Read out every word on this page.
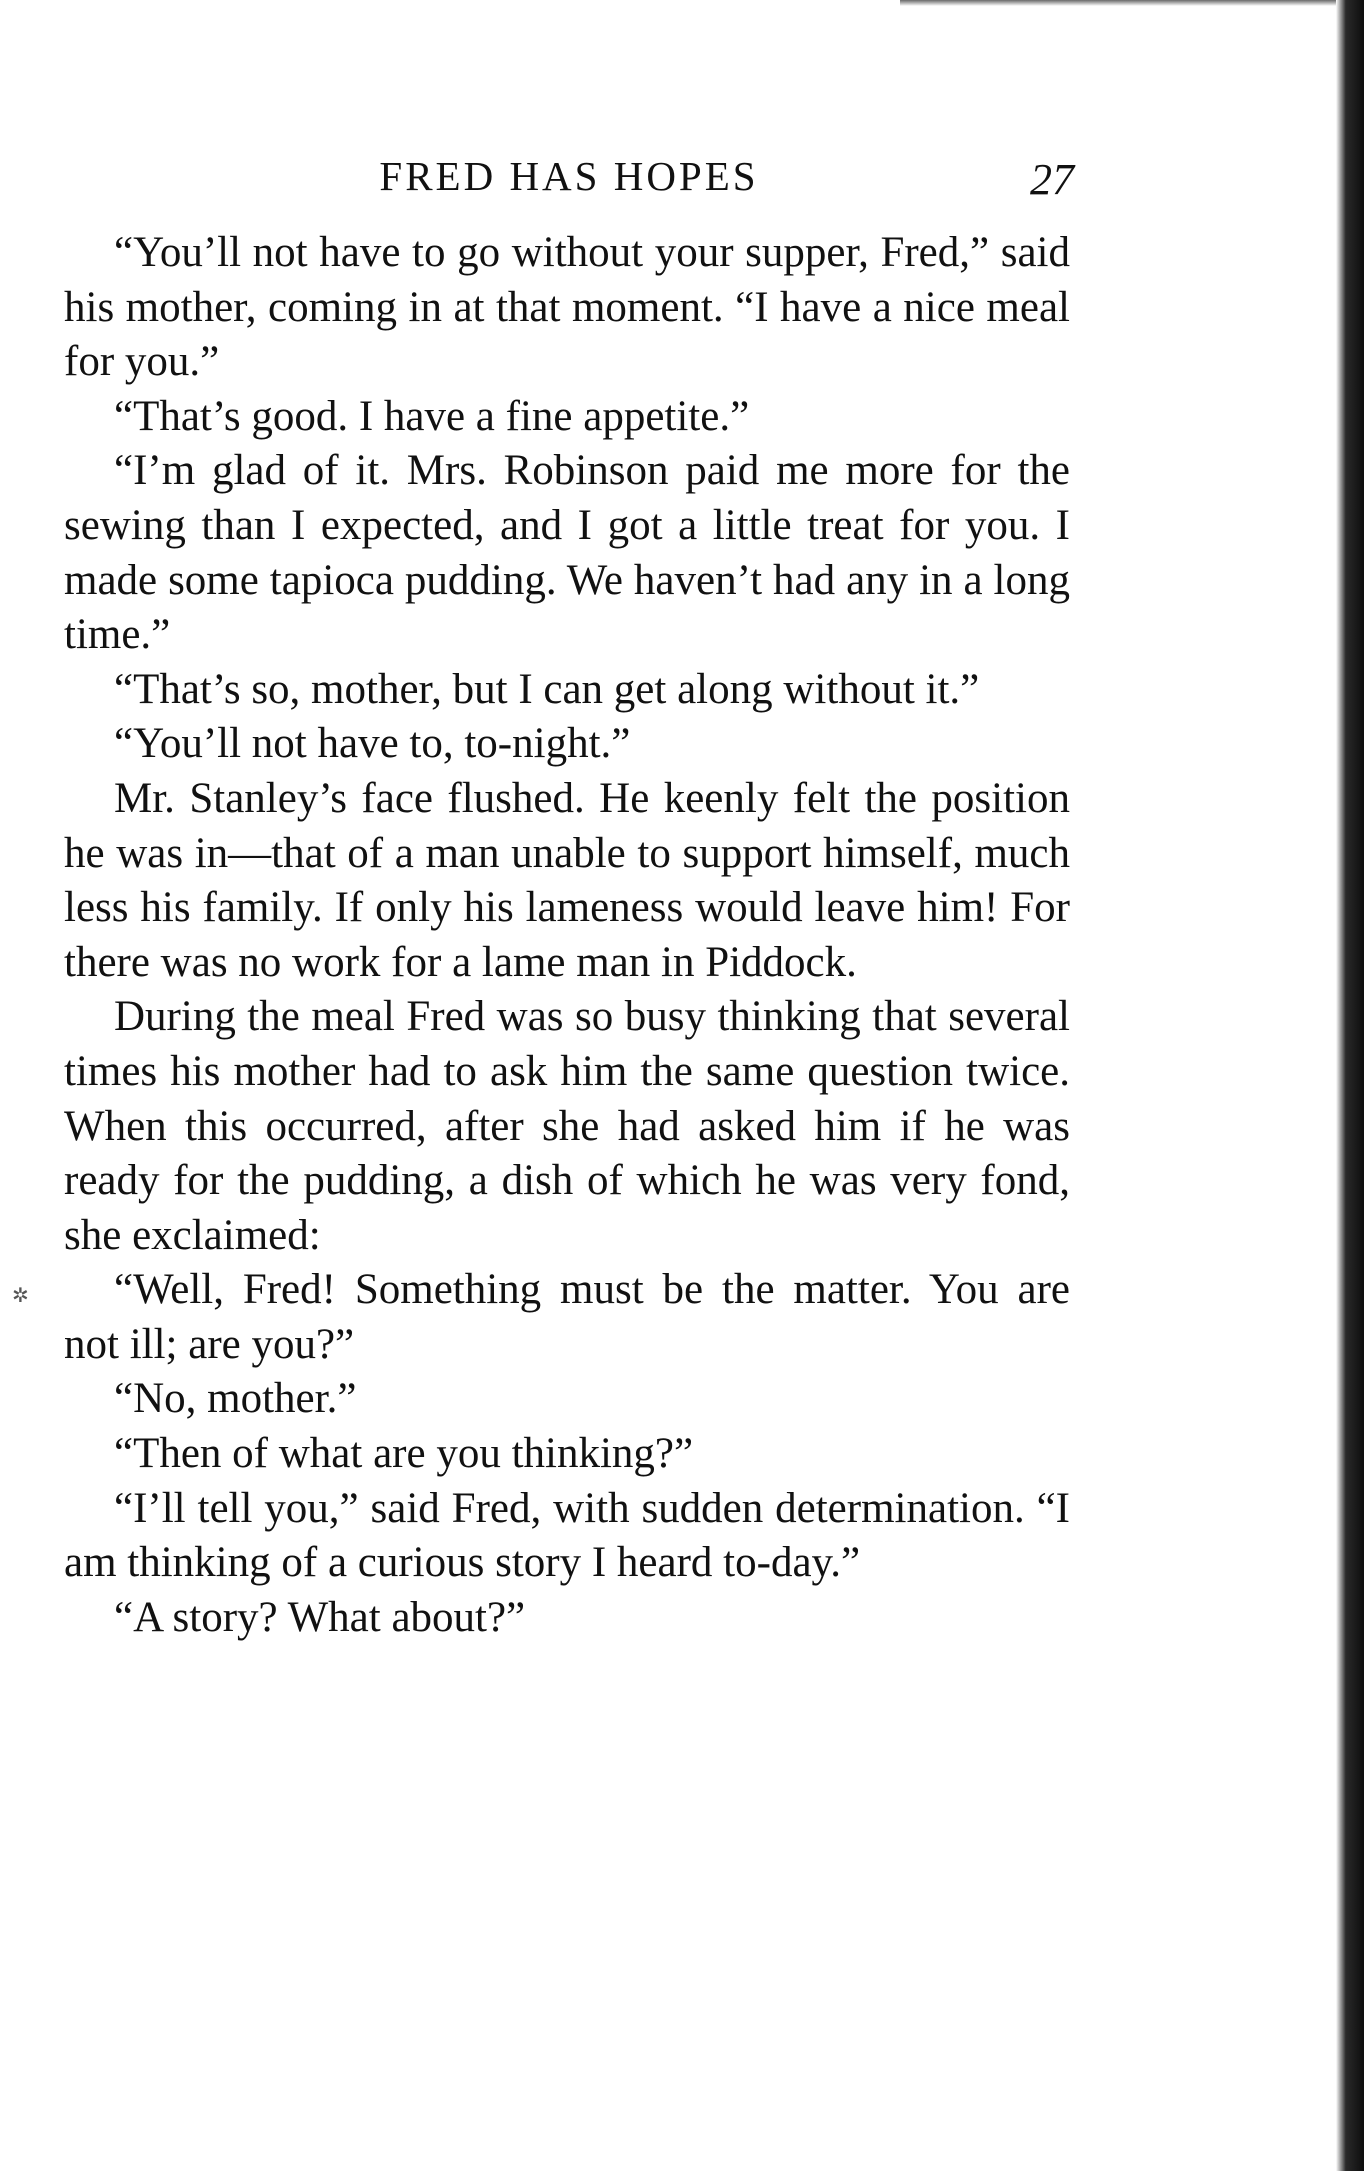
FRED HAS HOPES	27
✲

“You’ll not have to go without your supper, Fred,” said his mother, coming in at that moment. “I have a nice meal for you.”

“That’s good. I have a fine appetite.”

“I’m glad of it. Mrs. Robinson paid me more for the sewing than I expected, and I got a little treat for you. I made some tapioca pudding. We haven’t had any in a long time.”

“That’s so, mother, but I can get along without it.”

“You’ll not have to, to-night.”

Mr. Stanley’s face flushed. He keenly felt the position he was in—that of a man unable to support himself, much less his family. If only his lameness would leave him! For there was no work for a lame man in Piddock.

During the meal Fred was so busy thinking that several times his mother had to ask him the same question twice. When this occurred, after she had asked him if he was ready for the pudding, a dish of which he was very fond, she exclaimed:

“Well, Fred! Something must be the matter. You are not ill; are you?”

“No, mother.”

“Then of what are you thinking?”

“I’ll tell you,” said Fred, with sudden determination. “I am thinking of a curious story I heard to-day.”

“A story? What about?”
